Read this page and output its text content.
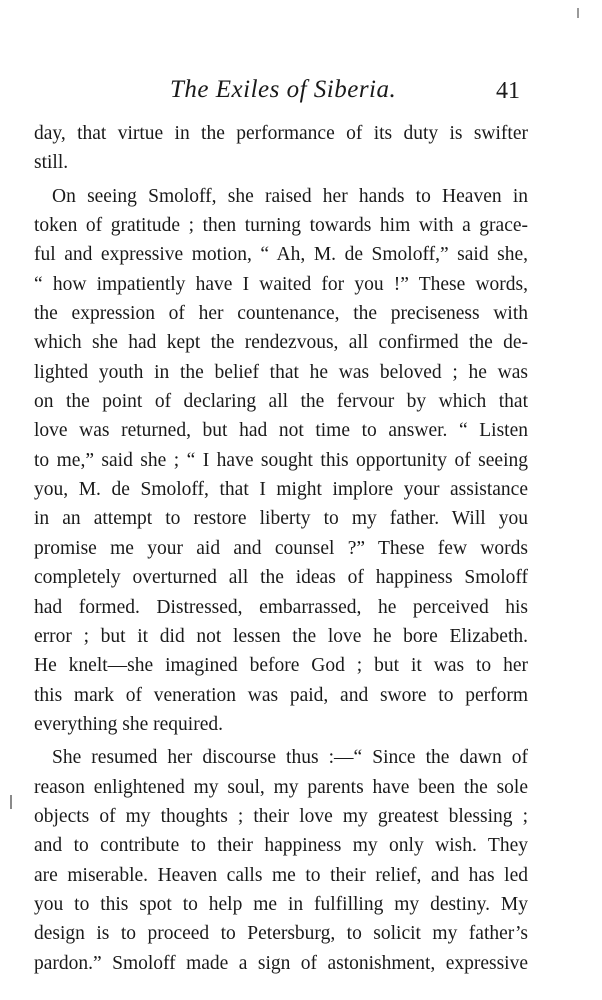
The Exiles of Siberia.	41
day, that virtue in the performance of its duty is swifter
still.
On seeing Smoloff, she raised her hands to Heaven in
token of gratitude ; then turning towards him with a grace-
ful and expressive motion, “ Ah, M. de Smoloff,” said she,
“ how impatiently have I waited for you !” These words,
the expression of her countenance, the preciseness with
which she had kept the rendezvous, all confirmed the de-
lighted youth in the belief that he was beloved ; he was
on the point of declaring all the fervour by which that
love was returned, but had not time to answer. “ Listen
to me,” said she ; “ I have sought this opportunity of seeing
you, M. de Smoloff, that I might implore your assistance
in an attempt to restore liberty to my father. Will you
promise me your aid and counsel ?” These few words
completely overturned all the ideas of happiness Smoloff
had formed. Distressed, embarrassed, he perceived his
error ; but it did not lessen the love he bore Elizabeth.
He knelt—she imagined before God ; but it was to her
this mark of veneration was paid, and swore to perform
everything she required.
She resumed her discourse thus :—“ Since the dawn of
reason enlightened my soul, my parents have been the sole
objects of my thoughts ; their love my greatest blessing ;
and to contribute to their happiness my only wish. They
are miserable. Heaven calls me to their relief, and has led
you to this spot to help me in fulfilling my destiny. My
design is to proceed to Petersburg, to solicit my father’s
pardon.” Smoloff made a sign of astonishment, expressive
